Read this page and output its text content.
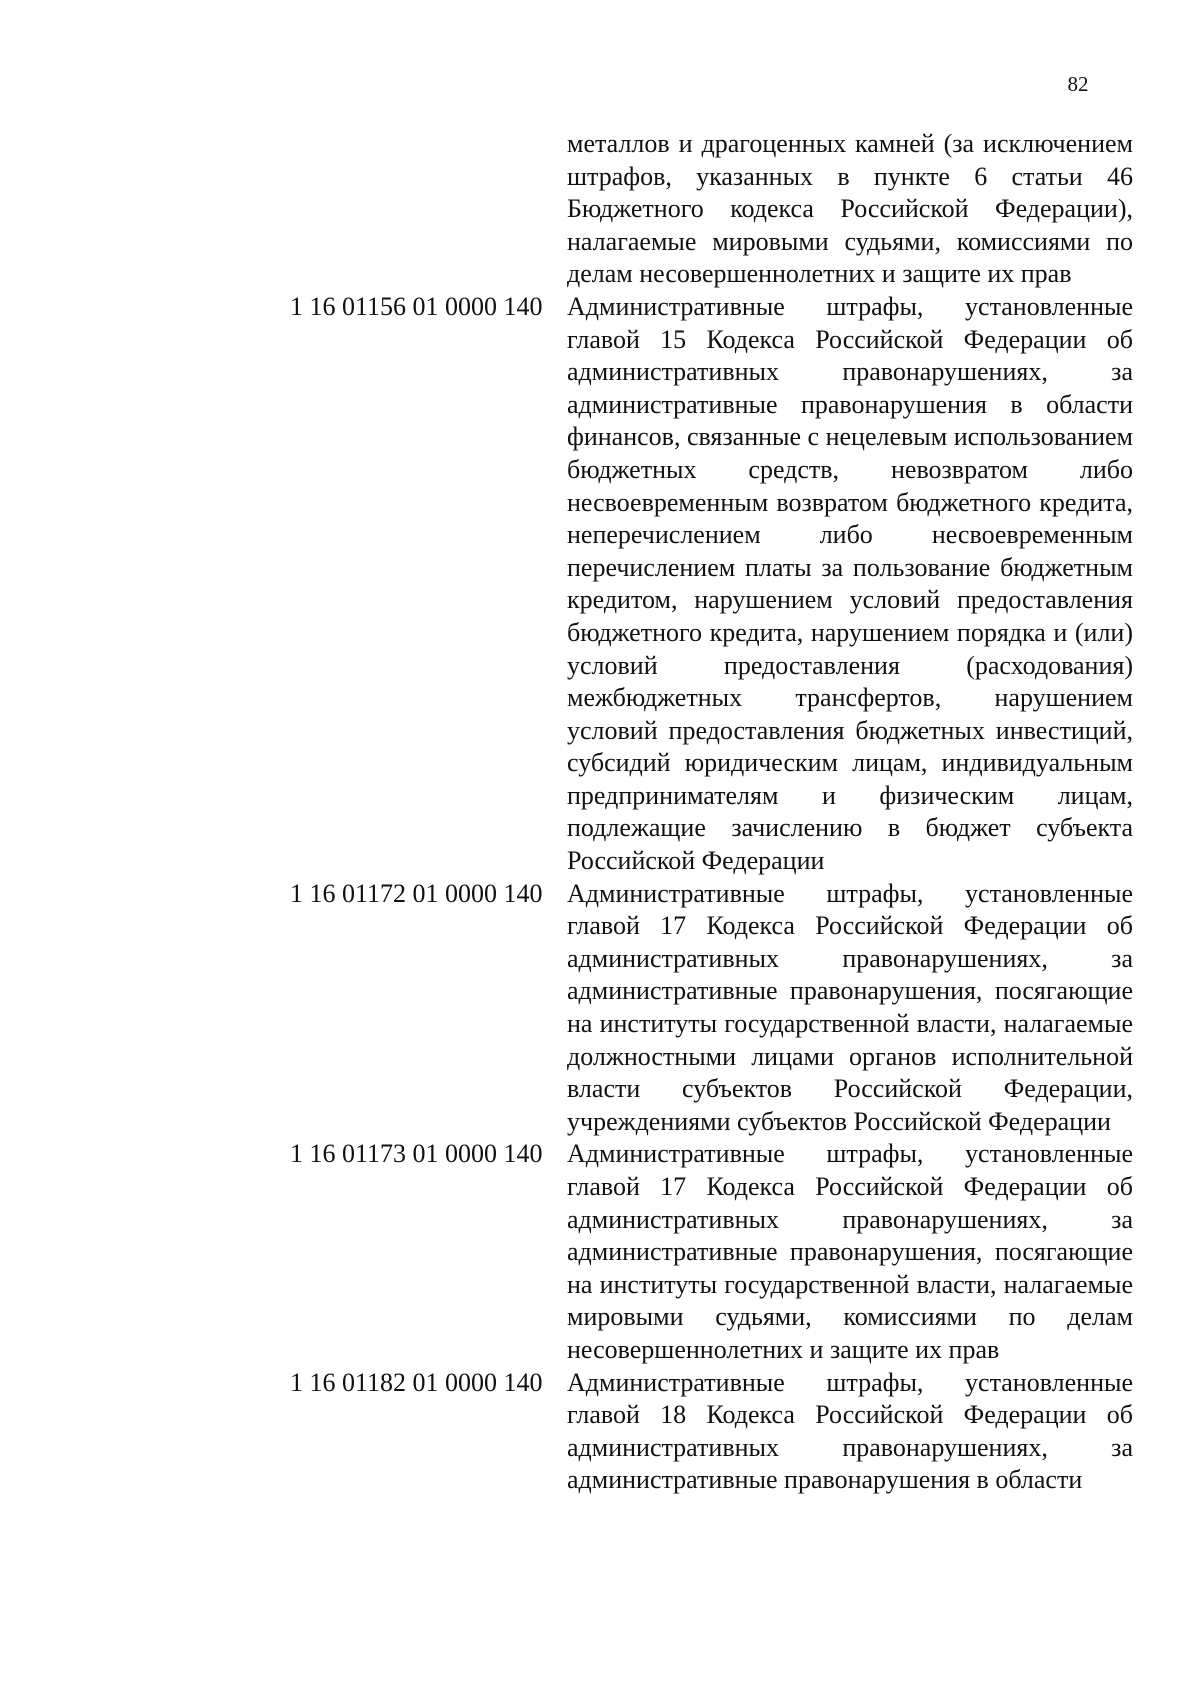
82
металлов и драгоценных камней (за исключением штрафов, указанных в пункте 6 статьи 46 Бюджетного кодекса Российской Федерации), налагаемые мировыми судьями, комиссиями по делам несовершеннолетних и защите их прав
1 16 01156 01 0000 140 Административные штрафы, установленные главой 15 Кодекса Российской Федерации об административных правонарушениях, за административные правонарушения в области финансов, связанные с нецелевым использованием бюджетных средств, невозвратом либо несвоевременным возвратом бюджетного кредита, неперечислением либо несвоевременным перечислением платы за пользование бюджетным кредитом, нарушением условий предоставления бюджетного кредита, нарушением порядка и (или) условий предоставления (расходования) межбюджетных трансфертов, нарушением условий предоставления бюджетных инвестиций, субсидий юридическим лицам, индивидуальным предпринимателям и физическим лицам, подлежащие зачислению в бюджет субъекта Российской Федерации
1 16 01172 01 0000 140 Административные штрафы, установленные главой 17 Кодекса Российской Федерации об административных правонарушениях, за административные правонарушения, посягающие на институты государственной власти, налагаемые должностными лицами органов исполнительной власти субъектов Российской Федерации, учреждениями субъектов Российской Федерации
1 16 01173 01 0000 140 Административные штрафы, установленные главой 17 Кодекса Российской Федерации об административных правонарушениях, за административные правонарушения, посягающие на институты государственной власти, налагаемые мировыми судьями, комиссиями по делам несовершеннолетних и защите их прав
1 16 01182 01 0000 140 Административные штрафы, установленные главой 18 Кодекса Российской Федерации об административных правонарушениях, за административные правонарушения в области
